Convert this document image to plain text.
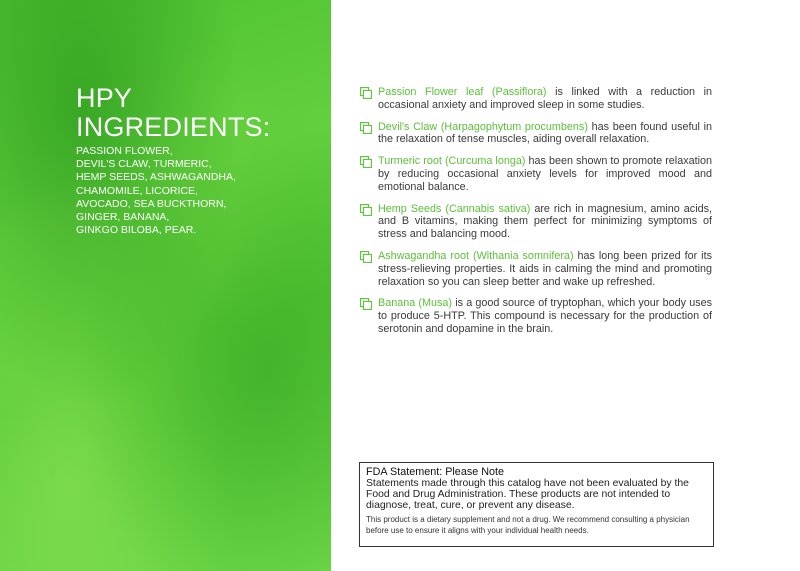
HPY
INGREDIENTS:
PASSION FLOWER,
DEVIL'S CLAW, TURMERIC,
HEMP SEEDS, ASHWAGANDHA,
CHAMOMILE, LICORICE,
AVOCADO, SEA BUCKTHORN,
GINGER, BANANA,
GINKGO BILOBA, PEAR.

Passion Flower leaf (Passiflora) is linked with a reduction in occasional anxiety and improved sleep in some studies.

Devil's Claw (Harpagophytum procumbens) has been found useful in the relaxation of tense muscles, aiding overall relaxation.

Turmeric root (Curcuma longa) has been shown to promote relaxation by reducing occasional anxiety levels for improved mood and emotional balance.

Hemp Seeds (Cannabis sativa) are rich in magnesium, amino acids, and B vitamins, making them perfect for minimizing symptoms of stress and balancing mood.

Ashwagandha root (Withania somnifera) has long been prized for its stress-relieving properties. It aids in calming the mind and promoting relaxation so you can sleep better and wake up refreshed.

Banana (Musa) is a good source of tryptophan, which your body uses to produce 5-HTP. This compound is necessary for the production of serotonin and dopamine in the brain.

FDA Statement: Please Note
Statements made through this catalog have not been evaluated by the Food and Drug Administration. These products are not intended to diagnose, treat, cure, or prevent any disease.
This product is a dietary supplement and not a drug. We recommend consulting a physician before use to ensure it aligns with your individual health needs.
